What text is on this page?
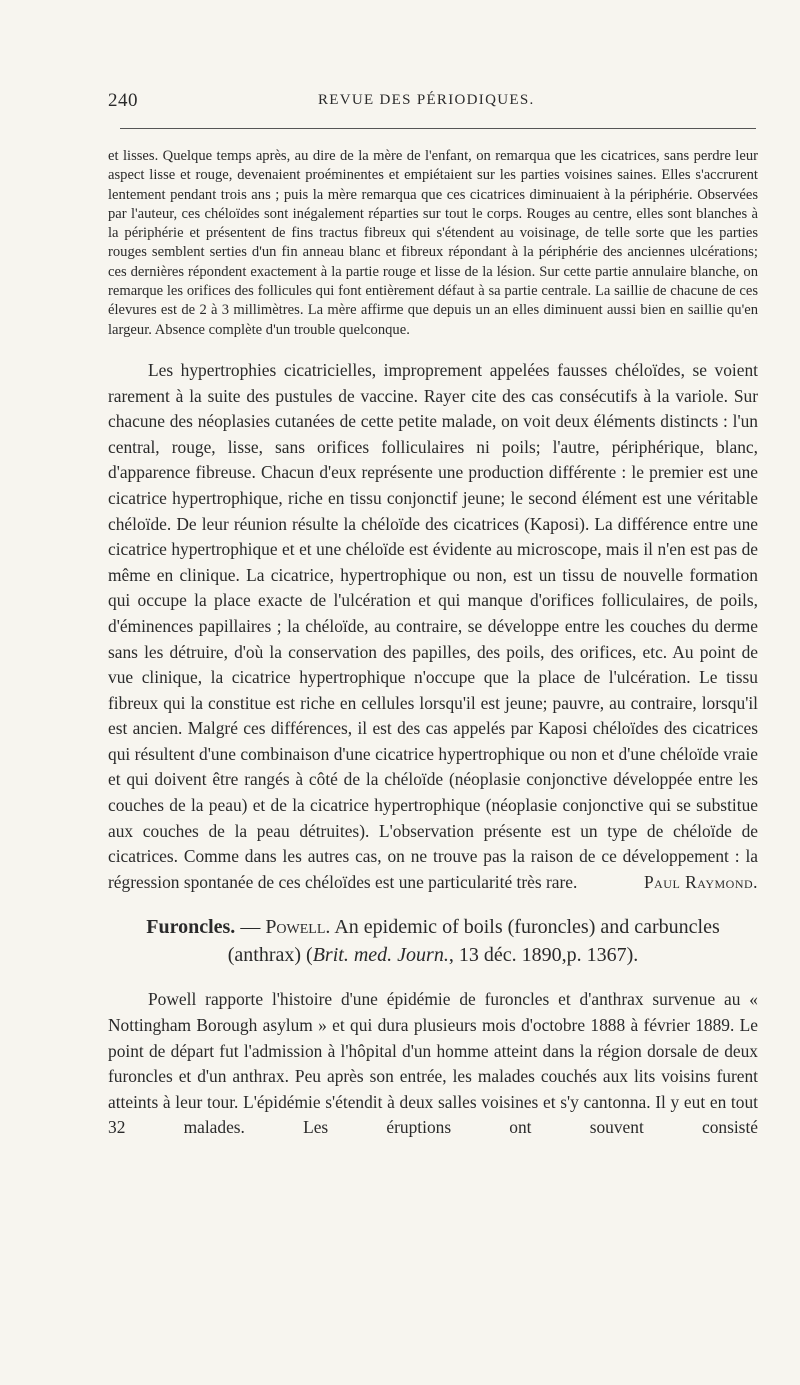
240	REVUE DES PÉRIODIQUES.

et lisses. Quelque temps après, au dire de la mère de l'enfant, on remarqua que les cicatrices, sans perdre leur aspect lisse et rouge, devenaient proéminentes et empiétaient sur les parties voisines saines. Elles s'accrurent lentement pendant trois ans ; puis la mère remarqua que ces cicatrices diminuaient à la périphérie. Observées par l'auteur, ces chéloïdes sont inégalement réparties sur tout le corps. Rouges au centre, elles sont blanches à la périphérie et présentent de fins tractus fibreux qui s'étendent au voisinage, de telle sorte que les parties rouges semblent serties d'un fin anneau blanc et fibreux répondant à la périphérie des anciennes ulcérations; ces dernières répondent exactement à la partie rouge et lisse de la lésion. Sur cette partie annulaire blanche, on remarque les orifices des follicules qui font entièrement défaut à sa partie centrale. La saillie de chacune de ces élevures est de 2 à 3 millimètres. La mère affirme que depuis un an elles diminuent aussi bien en saillie qu'en largeur. Absence complète d'un trouble quelconque.

Les hypertrophies cicatricielles, improprement appelées fausses chéloïdes, se voient rarement à la suite des pustules de vaccine. Rayer cite des cas consécutifs à la variole. Sur chacune des néoplasies cutanées de cette petite malade, on voit deux éléments distincts : l'un central, rouge, lisse, sans orifices folliculaires ni poils; l'autre, périphérique, blanc, d'apparence fibreuse. Chacun d'eux représente une production différente : le premier est une cicatrice hypertrophique, riche en tissu conjonctif jeune; le second élément est une véritable chéloïde. De leur réunion résulte la chéloïde des cicatrices (Kaposi). La différence entre une cicatrice hypertrophique et et une chéloïde est évidente au microscope, mais il n'en est pas de même en clinique. La cicatrice, hypertrophique ou non, est un tissu de nouvelle formation qui occupe la place exacte de l'ulcération et qui manque d'orifices folliculaires, de poils, d'éminences papillaires ; la chéloïde, au contraire, se développe entre les couches du derme sans les détruire, d'où la conservation des papilles, des poils, des orifices, etc. Au point de vue clinique, la cicatrice hypertrophique n'occupe que la place de l'ulcération. Le tissu fibreux qui la constitue est riche en cellules lorsqu'il est jeune; pauvre, au contraire, lorsqu'il est ancien. Malgré ces différences, il est des cas appelés par Kaposi chéloïdes des cicatrices qui résultent d'une combinaison d'une cicatrice hypertrophique ou non et d'une chéloïde vraie et qui doivent être rangés à côté de la chéloïde (néoplasie conjonctive développée entre les couches de la peau) et de la cicatrice hypertrophique (néoplasie conjonctive qui se substitue aux couches de la peau détruites). L'observation présente est un type de chéloïde de cicatrices. Comme dans les autres cas, on ne trouve pas la raison de ce développement : la régression spontanée de ces chéloïdes est une particularité très rare.	Paul Raymond.

Furoncles. — Powell. An epidemic of boils (furoncles) and carbuncles (anthrax) (Brit. med. Journ., 13 déc. 1890,p. 1367).

Powell rapporte l'histoire d'une épidémie de furoncles et d'anthrax survenue au « Nottingham Borough asylum » et qui dura plusieurs mois d'octobre 1888 à février 1889. Le point de départ fut l'admission à l'hôpital d'un homme atteint dans la région dorsale de deux furoncles et d'un anthrax. Peu après son entrée, les malades couchés aux lits voisins furent atteints à leur tour. L'épidémie s'étendit à deux salles voisines et s'y cantonna. Il y eut en tout 32 malades. Les éruptions ont souvent consisté
